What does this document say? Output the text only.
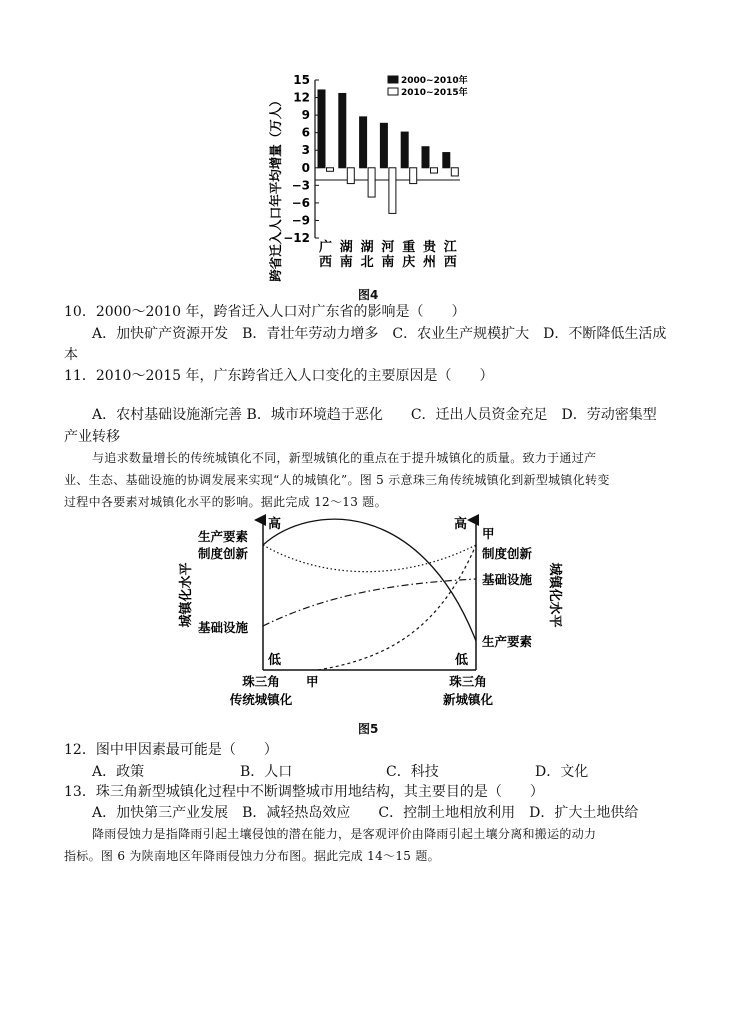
跨省迁入人口年平均增量（万人）
15
12
9
6
3
0
−3
−6
−9
−12
广
西
湖
南
湖
北
河
南
重
庆
贵
州
江
西
2000~2010年
2010~2015年
图4
10．2000～2010 年，跨省迁入人口对广东省的影响是（　　）
A．加快矿产资源开发　B．青壮年劳动力增多　C．农业生产规模扩大　D．不断降低生活成
本
11．2010～2015 年，广东跨省迁入人口变化的主要原因是（　　）
A．农村基础设施渐完善 B．城市环境趋于恶化　　C．迁出人员资金充足　D．劳动密集型
产业转移
与追求数量增长的传统城镇化不同，新型城镇化的重点在于提升城镇化的质量。致力于通过产
业、生态、基础设施的协调发展来实现“人的城镇化”。图 5 示意珠三角传统城镇化到新型城镇化转变
过程中各要素对城镇化水平的影响。据此完成 12～13 题。
城镇化水平
高
生产要素
制度创新
基础设施
低
高
甲
制度创新
基础设施
生产要素
低
城镇化水平
甲
珠三角
传统城镇化
珠三角
新城镇化
图5
12．图中甲因素最可能是（　　）
A．政策	B．人口	C．科技	D．文化
13．珠三角新型城镇化过程中不断调整城市用地结构，其主要目的是（　　）
A．加快第三产业发展　B．减轻热岛效应　　C．控制土地相放利用　D．扩大土地供给
降雨侵蚀力是指降雨引起土壤侵蚀的潜在能力，是客观评价由降雨引起土壤分离和搬运的动力
指标。图 6 为陕南地区年降雨侵蚀力分布图。据此完成 14～15 题。
